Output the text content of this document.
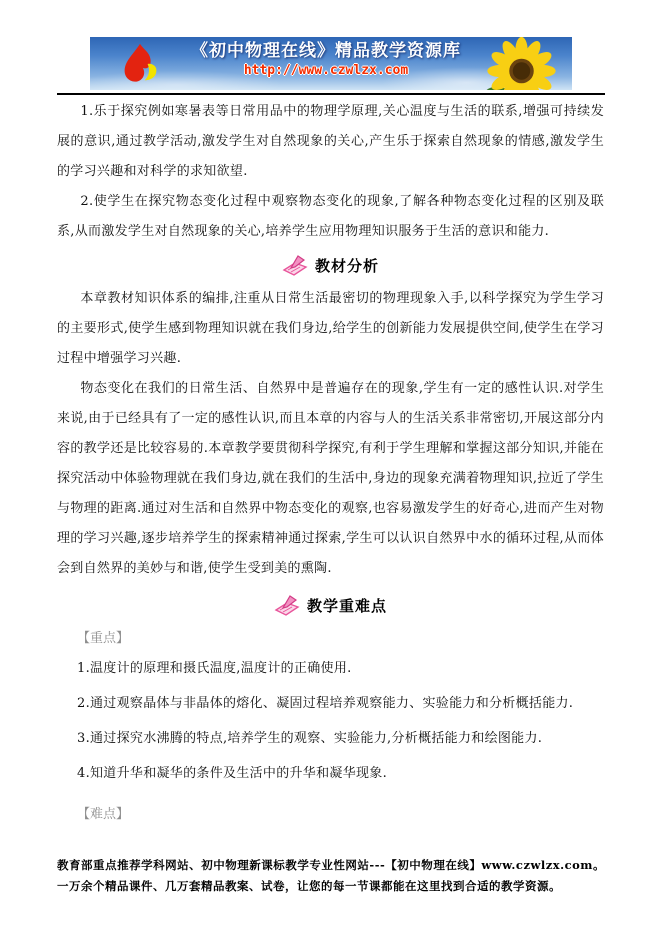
《初中物理在线》精品教学资源库
http://www.czwlzx.com

1.乐于探究例如寒暑表等日常用品中的物理学原理,关心温度与生活的联系,增强可持续发展的意识,通过教学活动,激发学生对自然现象的关心,产生乐于探索自然现象的情感,激发学生的学习兴趣和对科学的求知欲望.

2.使学生在探究物态变化过程中观察物态变化的现象,了解各种物态变化过程的区别及联系,从而激发学生对自然现象的关心,培养学生应用物理知识服务于生活的意识和能力.

教材分析

本章教材知识体系的编排,注重从日常生活最密切的物理现象入手,以科学探究为学生学习的主要形式,使学生感到物理知识就在我们身边,给学生的创新能力发展提供空间,使学生在学习过程中增强学习兴趣.

物态变化在我们的日常生活、自然界中是普遍存在的现象,学生有一定的感性认识.对学生来说,由于已经具有了一定的感性认识,而且本章的内容与人的生活关系非常密切,开展这部分内容的教学还是比较容易的.本章教学要贯彻科学探究,有利于学生理解和掌握这部分知识,并能在探究活动中体验物理就在我们身边,就在我们的生活中,身边的现象充满着物理知识,拉近了学生与物理的距离.通过对生活和自然界中物态变化的观察,也容易激发学生的好奇心,进而产生对物理的学习兴趣,逐步培养学生的探索精神通过探索,学生可以认识自然界中水的循环过程,从而体会到自然界的美妙与和谐,使学生受到美的熏陶.

教学重难点

【重点】

1.温度计的原理和摄氏温度,温度计的正确使用.

2.通过观察晶体与非晶体的熔化、凝固过程培养观察能力、实验能力和分析概括能力.

3.通过探究水沸腾的特点,培养学生的观察、实验能力,分析概括能力和绘图能力.

4.知道升华和凝华的条件及生活中的升华和凝华现象.

【难点】

教育部重点推荐学科网站、初中物理新课标教学专业性网站---【初中物理在线】www.czwlzx.com。 一万余个精品课件、几万套精品教案、试卷，让您的每一节课都能在这里找到合适的教学资源。
